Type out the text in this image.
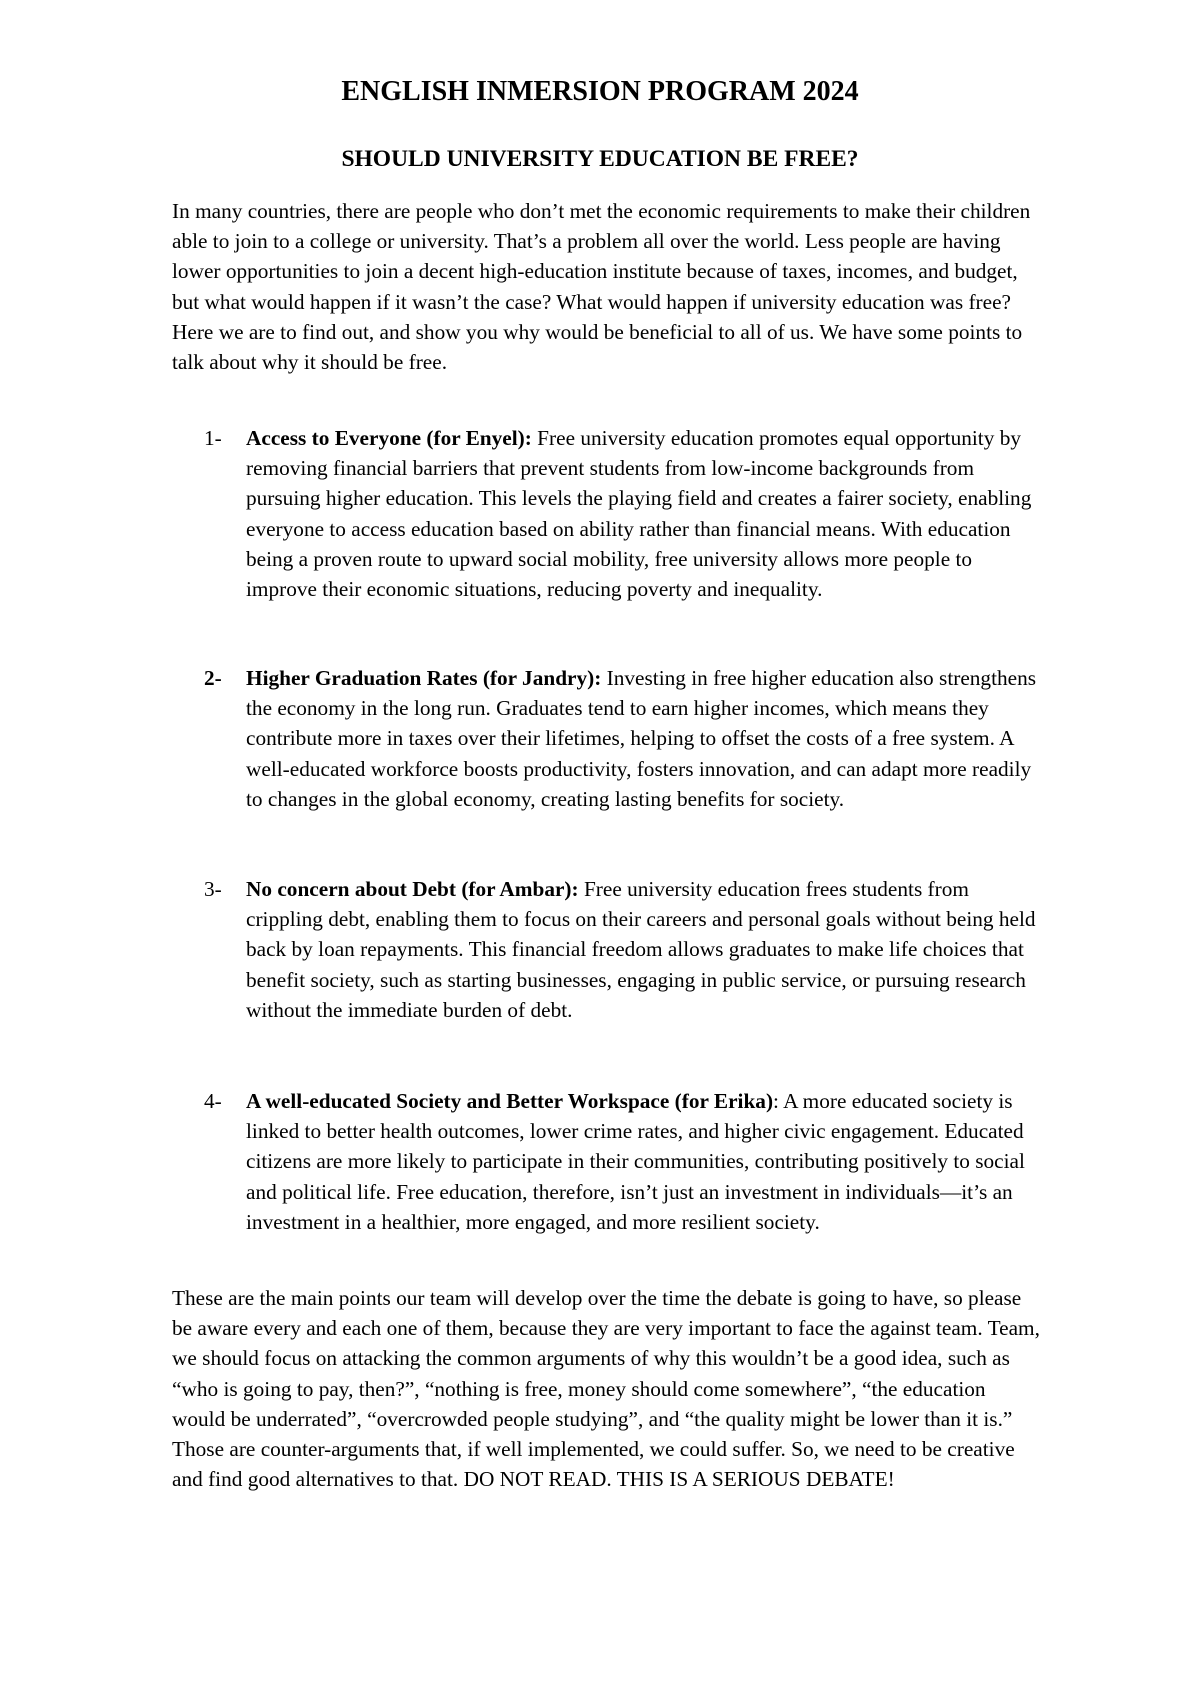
ENGLISH INMERSION PROGRAM 2024
SHOULD UNIVERSITY EDUCATION BE FREE?

In many countries, there are people who don’t met the economic requirements to make their children able to join to a college or university. That’s a problem all over the world. Less people are having lower opportunities to join a decent high-education institute because of taxes, incomes, and budget, but what would happen if it wasn’t the case? What would happen if university education was free? Here we are to find out, and show you why would be beneficial to all of us. We have some points to talk about why it should be free.

1- Access to Everyone (for Enyel): Free university education promotes equal opportunity by removing financial barriers that prevent students from low-income backgrounds from pursuing higher education. This levels the playing field and creates a fairer society, enabling everyone to access education based on ability rather than financial means. With education being a proven route to upward social mobility, free university allows more people to improve their economic situations, reducing poverty and inequality.
2- Higher Graduation Rates (for Jandry): Investing in free higher education also strengthens the economy in the long run. Graduates tend to earn higher incomes, which means they contribute more in taxes over their lifetimes, helping to offset the costs of a free system. A well-educated workforce boosts productivity, fosters innovation, and can adapt more readily to changes in the global economy, creating lasting benefits for society.
3- No concern about Debt (for Ambar): Free university education frees students from crippling debt, enabling them to focus on their careers and personal goals without being held back by loan repayments. This financial freedom allows graduates to make life choices that benefit society, such as starting businesses, engaging in public service, or pursuing research without the immediate burden of debt.
4- A well-educated Society and Better Workspace (for Erika): A more educated society is linked to better health outcomes, lower crime rates, and higher civic engagement. Educated citizens are more likely to participate in their communities, contributing positively to social and political life. Free education, therefore, isn’t just an investment in individuals—it’s an investment in a healthier, more engaged, and more resilient society.

These are the main points our team will develop over the time the debate is going to have, so please be aware every and each one of them, because they are very important to face the against team. Team, we should focus on attacking the common arguments of why this wouldn’t be a good idea, such as “who is going to pay, then?”, “nothing is free, money should come somewhere”, “the education would be underrated”, “overcrowded people studying”, and “the quality might be lower than it is.” Those are counter-arguments that, if well implemented, we could suffer. So, we need to be creative and find good alternatives to that. DO NOT READ. THIS IS A SERIOUS DEBATE!
